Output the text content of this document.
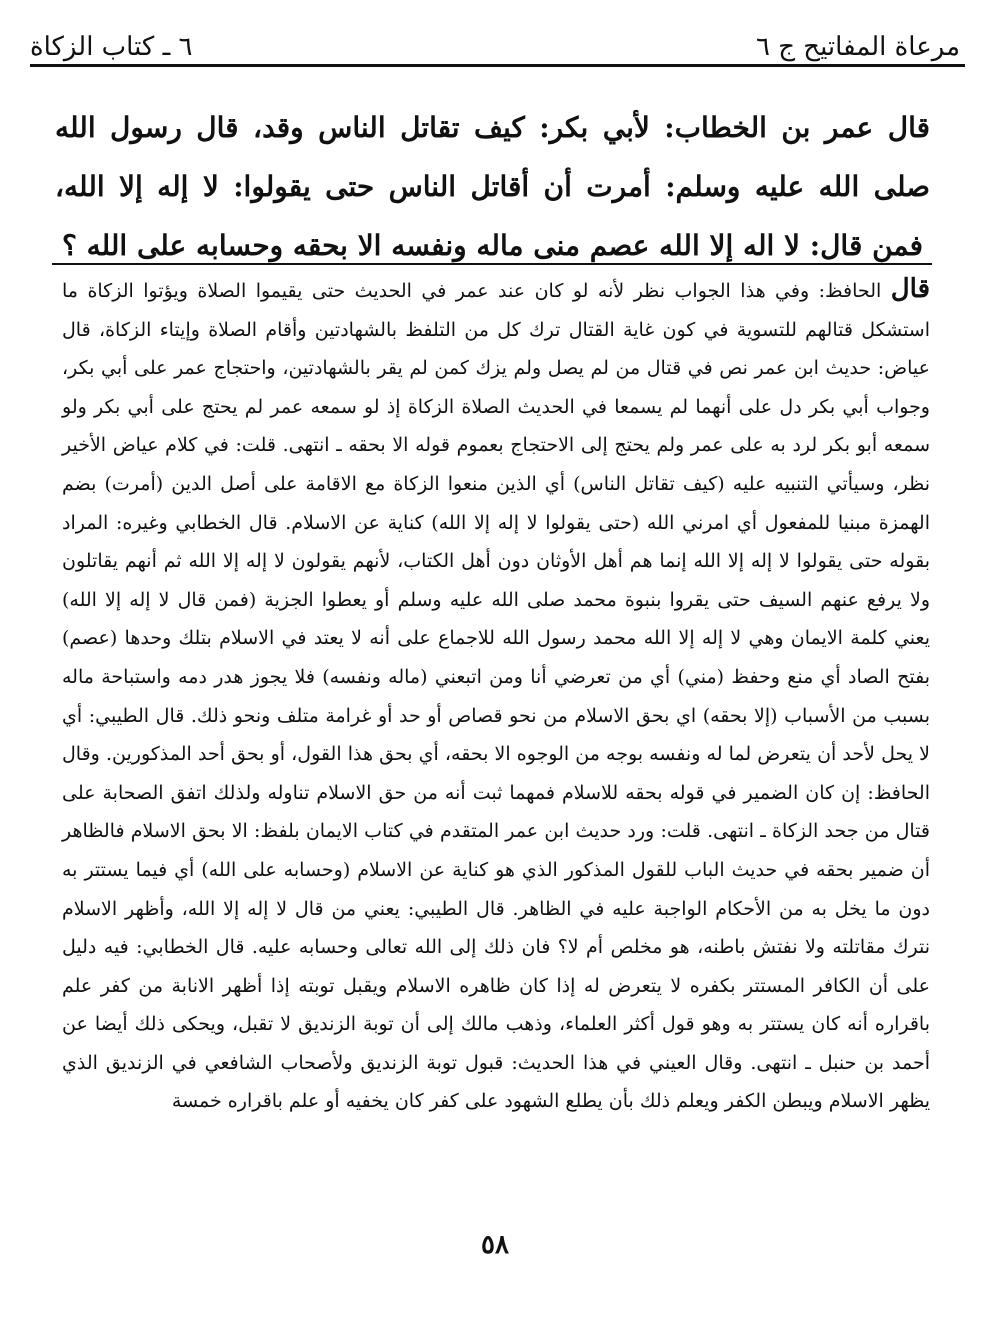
مرعاة المفاتيح ج ٦
٦ ـ كتاب الزكاة
قال عمر بن الخطاب: لأبي بكر: كيف تقاتل الناس وقد، قال رسول الله صلى الله عليه وسلم: أمرت أن أقاتل الناس حتى يقولوا: لا إله إلا الله، فمن قال: لا اله إلا الله عصم منى ماله ونفسه الا بحقه وحسابه على الله ؟

قال الحافظ: وفي هذا الجواب نظر لأنه لو كان عند عمر في الحديث حتى يقيموا الصلاة ويؤتوا الزكاة ما استشكل قتالهم للتسوية في كون غاية القتال ترك كل من التلفظ بالشهادتين وأقام الصلاة وإيتاء الزكاة، قال عياض: حديث ابن عمر نص في قتال من لم يصل ولم يزك كمن لم يقر بالشهادتين، واحتجاج عمر على أبي بكر، وجواب أبي بكر دل على أنهما لم يسمعا في الحديث الصلاة الزكاة إذ لو سمعه عمر لم يحتج على أبي بكر ولو سمعه أبو بكر لرد به على عمر ولم يحتج إلى الاحتجاج بعموم قوله الا بحقه ـ انتهى. قلت: في كلام عياض الأخير نظر، وسيأتي التنبيه عليه (كيف تقاتل الناس) أي الذين منعوا الزكاة مع الاقامة على أصل الدين (أمرت) بضم الهمزة مبنيا للمفعول أي امرني الله (حتى يقولوا لا إله إلا الله) كناية عن الاسلام. قال الخطابي وغيره: المراد بقوله حتى يقولوا لا إله إلا الله إنما هم أهل الأوثان دون أهل الكتاب، لأنهم يقولون لا إله إلا الله ثم أنهم يقاتلون ولا يرفع عنهم السيف حتى يقروا بنبوة محمد صلى الله عليه وسلم أو يعطوا الجزية (فمن قال لا إله إلا الله) يعني كلمة الايمان وهي لا إله إلا الله محمد رسول الله للاجماع على أنه لا يعتد في الاسلام بتلك وحدها (عصم) بفتح الصاد أي منع وحفظ (مني) أي من تعرضي أنا ومن اتبعني (ماله ونفسه) فلا يجوز هدر دمه واستباحة ماله بسبب من الأسباب (إلا بحقه) اي بحق الاسلام من نحو قصاص أو حد أو غرامة متلف ونحو ذلك. قال الطيبي: أي لا يحل لأحد أن يتعرض لما له ونفسه بوجه من الوجوه الا بحقه، أي بحق هذا القول، أو بحق أحد المذكورين. وقال الحافظ: إن كان الضمير في قوله بحقه للاسلام فمهما ثبت أنه من حق الاسلام تناوله ولذلك اتفق الصحابة على قتال من جحد الزكاة ـ انتهى. قلت: ورد حديث ابن عمر المتقدم في كتاب الايمان بلفظ: الا بحق الاسلام فالظاهر أن ضمير بحقه في حديث الباب للقول المذكور الذي هو كناية عن الاسلام (وحسابه على الله) أي فيما يستتر به دون ما يخل به من الأحكام الواجبة عليه في الظاهر. قال الطيبي: يعني من قال لا إله إلا الله، وأظهر الاسلام نترك مقاتلته ولا نفتش باطنه، هو مخلص أم لا؟ فان ذلك إلى الله تعالى وحسابه عليه. قال الخطابي: فيه دليل على أن الكافر المستتر بكفره لا يتعرض له إذا كان ظاهره الاسلام ويقبل توبته إذا أظهر الانابة من كفر علم باقراره أنه كان يستتر به وهو قول أكثر العلماء، وذهب مالك إلى أن توبة الزنديق لا تقبل، ويحكى ذلك أيضا عن أحمد بن حنبل ـ انتهى. وقال العيني في هذا الحديث: قبول توبة الزنديق ولأصحاب الشافعي في الزنديق الذي يظهر الاسلام ويبطن الكفر ويعلم ذلك بأن يطلع الشهود على كفر كان يخفيه أو علم باقراره خمسة

٥٨
